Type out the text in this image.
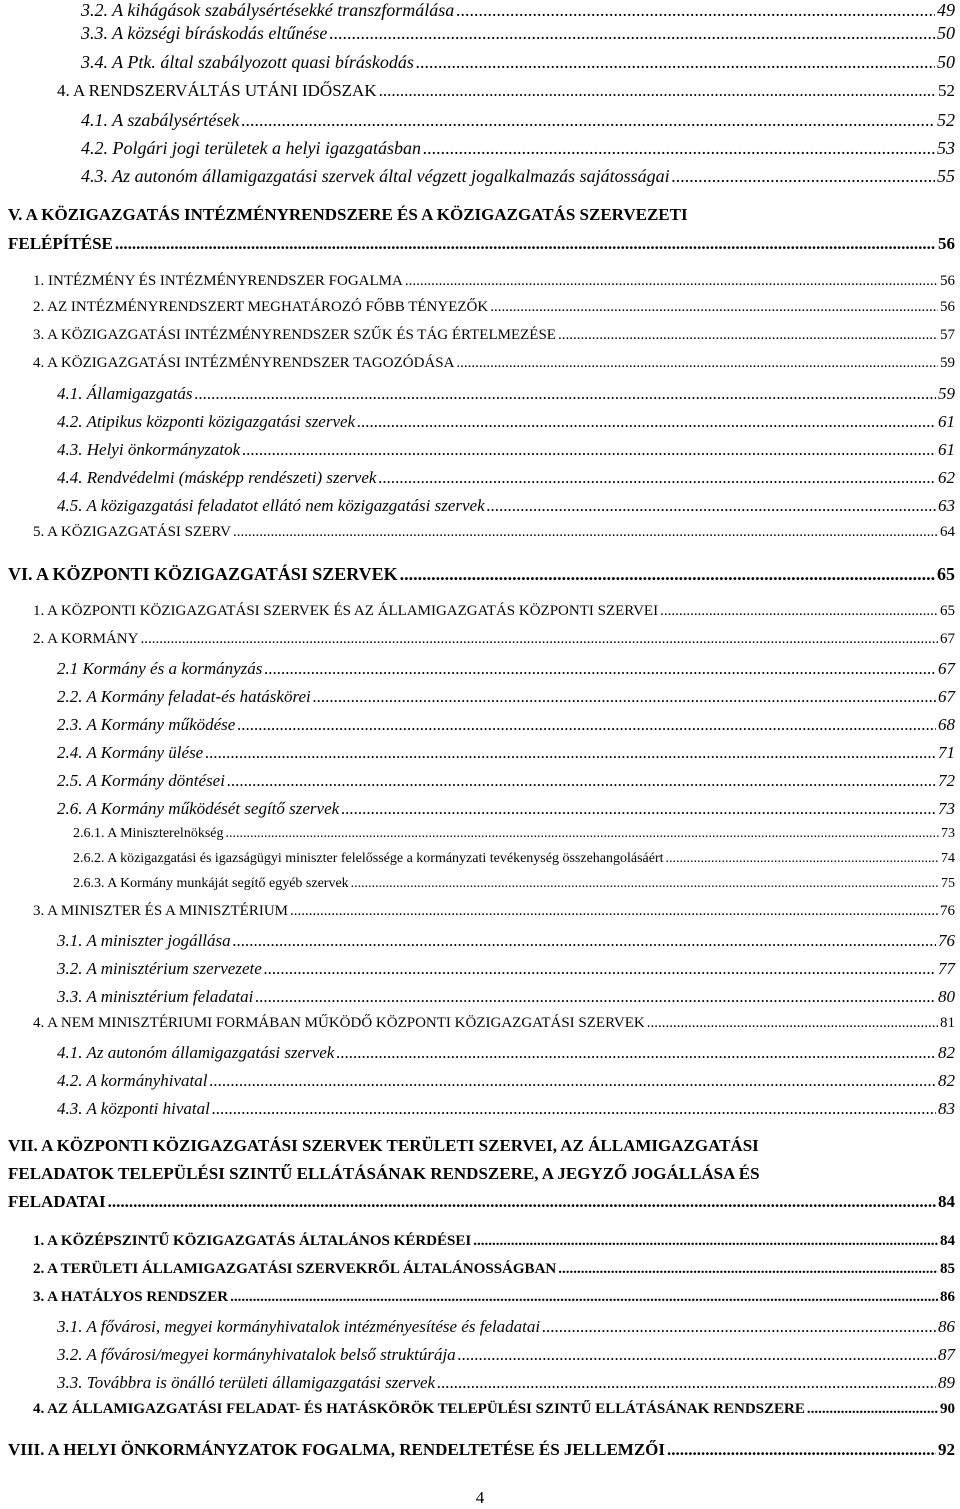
3.2. A kihágások szabálysértésekké transzformálása .....	49
3.3. A községi bíráskodás eltűnése .....	50
3.4. A Ptk. által szabályozott quasi bíráskodás .....	50
4. A RENDSZERVÁLTÁS UTÁNI IDŐSZAK .....	52
4.1. A szabálysértések .....	52
4.2. Polgári jogi területek a helyi igazgatásban .....	53
4.3. Az autonóm államigazgatási szervek által végzett jogalkalmazás sajátosságai .....	55
V. A KÖZIGAZGATÁS INTÉZMÉNYRENDSZERE ÉS A KÖZIGAZGATÁS SZERVEZETI
FELÉPÍTÉSE .....	56
1. INTÉZMÉNY ÉS INTÉZMÉNYRENDSZER FOGALMA .....	56
2. AZ INTÉZMÉNYRENDSZERT MEGHATÁROZÓ FŐBB TÉNYEZŐK .....	56
3. A KÖZIGAZGATÁSI INTÉZMÉNYRENDSZER SZŰK ÉS TÁG ÉRTELMEZÉSE .....	57
4. A KÖZIGAZGATÁSI INTÉZMÉNYRENDSZER TAGOZÓDÁSA .....	59
4.1. Államigazgatás .....	59
4.2. Atipikus központi közigazgatási szervek .....	61
4.3. Helyi önkormányzatok .....	61
4.4. Rendvédelmi (másképp rendészeti) szervek .....	62
4.5. A közigazgatási feladatot ellátó nem közigazgatási szervek .....	63
5. A KÖZIGAZGATÁSI SZERV .....	64
VI. A KÖZPONTI KÖZIGAZGATÁSI SZERVEK .....	65
1. A KÖZPONTI KÖZIGAZGATÁSI SZERVEK ÉS AZ ÁLLAMIGAZGATÁS KÖZPONTI SZERVEI .....	65
2. A KORMÁNY .....	67
2.1 Kormány és a kormányzás .....	67
2.2. A Kormány feladat-és hatáskörei .....	67
2.3. A Kormány működése .....	68
2.4. A Kormány ülése .....	71
2.5. A Kormány döntései .....	72
2.6. A Kormány működését segítő szervek .....	73
2.6.1. A Miniszterelnökség .....	73
2.6.2. A közigazgatási és igazságügyi miniszter felelőssége a kormányzati tevékenység összehangolásáért .....	74
2.6.3. A Kormány munkáját segítő egyéb szervek .....	75
3. A MINISZTER ÉS A MINISZTÉRIUM .....	76
3.1. A miniszter jogállása .....	76
3.2. A minisztérium szervezete .....	77
3.3. A minisztérium feladatai .....	80
4. A NEM MINISZTÉRIUMI FORMÁBAN MŰKÖDŐ KÖZPONTI KÖZIGAZGATÁSI SZERVEK .....	81
4.1. Az autonóm államigazgatási szervek .....	82
4.2. A kormányhivatal .....	82
4.3. A központi hivatal .....	83
VII. A KÖZPONTI KÖZIGAZGATÁSI SZERVEK TERÜLETI SZERVEI, AZ ÁLLAMIGAZGATÁSI
FELADATOK TELEPÜLÉSI SZINTŰ ELLÁTÁSÁNAK RENDSZERE, A JEGYZŐ JOGÁLLÁSA ÉS
FELADATAI .....	84
1. A KÖZÉPSZINTŰ KÖZIGAZGATÁS ÁLTALÁNOS KÉRDÉSEI .....	84
2. A TERÜLETI ÁLLAMIGAZGATÁSI SZERVEKRŐL ÁLTALÁNOSSÁGBAN .....	85
3. A HATÁLYOS RENDSZER .....	86
3.1. A fővárosi, megyei kormányhivatalok intézményesítése és feladatai .....	86
3.2. A fővárosi/megyei kormányhivatalok belső struktúrája .....	87
3.3. Továbbra is önálló területi államigazgatási szervek .....	89
4. AZ ÁLLAMIGAZGATÁSI FELADAT- ÉS HATÁSKÖRÖK TELEPÜLÉSI SZINTŰ ELLÁTÁSÁNAK RENDSZERE .....	90
VIII. A HELYI ÖNKORMÁNYZATOK FOGALMA, RENDELTETÉSE ÉS JELLEMZŐI .....	92
4
